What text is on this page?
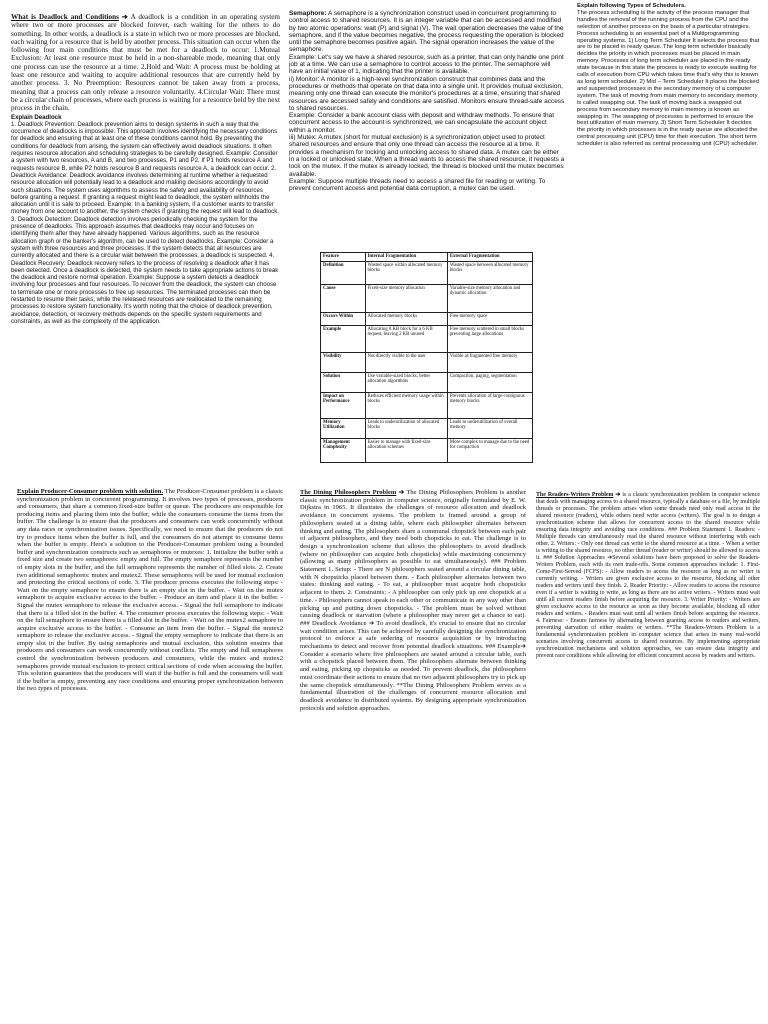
What is Deadlock and Conditions ➔ A deadlock is a condition in an operating system where two or more processes are blocked forever, each waiting for the others to do something. In other words, a deadlock is a state in which two or more processes are blocked, each waiting for a resource that is held by another process. This situation can occur when the following four main conditions that must be met for a deadlock to occur: 1.Mutual Exclusion: At least one resource must be held in a non-shareable mode, meaning that only one process can use the resource at a time. 2.Hold and Wait: A process must be holding at least one resource and waiting to acquire additional resources that are currently held by another process. 3. No Preemption: Resources cannot be taken away from a process, meaning that a process can only release a resource voluntarily. 4.Circular Wait: There must be a circular chain of processes, where each process is waiting for a resource held by the next process in the chain.

Explain Deadlock

1. Deadlock Prevention: Deadlock prevention aims to design systems in such a way that the occurrence of deadlocks is impossible. This approach involves identifying the necessary conditions for deadlock and ensuring that at least one of these conditions cannot hold. By preventing the conditions for deadlock from arising, the system can effectively avoid deadlock situations. It often requires resource allocation and scheduling strategies to be carefully designed. Example: Consider a system with two resources, A and B, and two processes, P1 and P2. If P1 holds resource A and requests resource B, while P2 holds resource B and requests resource A, a deadlock can occur. 2. Deadlock Avoidance: Deadlock avoidance involves determining at runtime whether a requested resource allocation will potentially lead to a deadlock and making decisions accordingly to avoid such situations. The system uses algorithms to assess the safety and availability of resources before granting a request. If granting a request might lead to deadlock, the system withholds the allocation until it is safe to proceed. Example: In a banking system, if a customer wants to transfer money from one account to another, the system checks if granting the request will lead to deadlock. 3. Deadlock Detection: Deadlock detection involves periodically checking the system for the presence of deadlocks. This approach assumes that deadlocks may occur and focuses on identifying them after they have already happened. Various algorithms, such as the resource allocation graph or the banker's algorithm, can be used to detect deadlocks. Example: Consider a system with three resources and three processes. If the system detects that all resources are currently allocated and there is a circular wait between the processes, a deadlock is suspected. 4. Deadlock Recovery: Deadlock recovery refers to the process of resolving a deadlock after it has been detected. Once a deadlock is detected, the system needs to take appropriate actions to break the deadlock and restore normal operation. Example: Suppose a system detects a deadlock involving four processes and four resources. To recover from the deadlock, the system can choose to terminate one or more processes to free up resources. The terminated processes can then be restarted to resume their tasks, while the released resources are reallocated to the remaining processes to restore system functionality. It's worth noting that the choice of deadlock prevention, avoidance, detection, or recovery methods depends on the specific system requirements and constraints, as well as the complexity of the application.

Semaphore: A semaphore is a synchronization construct used in concurrent programming to control access to shared resources. It is an integer variable that can be accessed and modified by two atomic operations: wait (P) and signal (V). The wait operation decreases the value of the semaphore, and if the value becomes negative, the process requesting the operation is blocked until the semaphore becomes positive again. The signal operation increases the value of the semaphore.

Example: Let's say we have a shared resource, such as a printer, that can only handle one print job at a time. We can use a semaphore to control access to the printer. The semaphore will have an initial value of 1, indicating that the printer is available.

ii) Monitor: A monitor is a high-level synchronization construct that combines data and the procedures or methods that operate on that data into a single unit. It provides mutual exclusion, meaning only one thread can execute the monitor's procedures at a time, ensuring that shared resources are accessed safely and conditions are satisfied. Monitors ensure thread-safe access to shared resources.

Example: Consider a bank account class with deposit and withdraw methods. To ensure that concurrent access to the account is synchronized, we can encapsulate the account object within a monitor.

iii) Mutex: A mutex (short for mutual exclusion) is a synchronization object used to protect shared resources and ensure that only one thread can access the resource at a time. It provides a mechanism for locking and unlocking access to shared data. A mutex can be either in a locked or unlocked state. When a thread wants to access the shared resource, it requests a lock on the mutex. If the mutex is already locked, the thread is blocked until the mutex becomes available.

Example: Suppose multiple threads need to access a shared file for reading or writing. To prevent concurrent access and potential data corruption, a mutex can be used.

Feature	Internal Fragmentation	External Fragmentation
Definition	Wasted space within allocated memory blocks	Wasted space between allocated memory blocks
Cause	Fixed-size memory allocation	Variable-size memory allocation and dynamic allocation
Occurs Within	Allocated memory blocks	Free memory space
Example	Allocating 8 KB block for a 6 KB request, leaving 2 KB unused	Free memory scattered in small blocks preventing large allocations
Visibility	Not directly visible to the user	Visible as fragmented free memory
Solution	Use variable-sized blocks, better allocation algorithms	Compaction, paging, segmentation
Impact on Performance	Reduces efficient memory usage within blocks	Prevents allocation of large contiguous memory blocks
Memory Utilization	Leads to underutilization of allocated blocks	Leads to underutilization of overall memory
Management Complexity	Easier to manage with fixed-size allocation schemes	More complex to manage due to the need for compaction

Explain following Types of Schedulers.

The process scheduling is the activity of the process manager that handles the removal of the running process from the CPU and the selection of another process on the basis of a particular strategies. Process scheduling is an essential part of a Multiprogramming operating systems. 1) Long Term Scheduler It selects the process that are to be placed in ready queue. The long term scheduler basically decides the priority in which processes must be placed in main memory. Processes of long term scheduler are placed in the ready state because in this state the process is ready to execute waiting for calls of execution from CPU which takes time that's why this is known as long term scheduler. 2) Mid – Term Scheduler It places the blocked and suspended processes in the secondary memory of a computer system. The task of moving from main memory to secondary memory is called swapping out. The task of moving back a swapped out process from secondary memory to main memory is known as swapping in. The swapping of processes is performed to ensure the best utilization of main memory. 3) Short Term Scheduler It decides the priority in which processes is in the ready queue are allocated the central processing unit (CPU) time for their execution. The short term scheduler is also referred as central processing unit (CPU) scheduler.

Explain Producer-Consumer problem with solution. The Producer-Consumer problem is a classic synchronization problem in concurrent programming. It involves two types of processes, producers and consumers, that share a common fixed-size buffer or queue. The producers are responsible for producing items and placing them into the buffer, while the consumers consume the items from the buffer. The challenge is to ensure that the producers and consumers can work concurrently without any data races or synchronization issues. Specifically, we need to ensure that the producers do not try to produce items when the buffer is full, and the consumers do not attempt to consume items when the buffer is empty. Here's a solution to the Producer-Consumer problem using a bounded buffer and synchronization constructs such as semaphores or mutexes: 1. Initialize the buffer with a fixed size and create two semaphores: empty and full. The empty semaphore represents the number of empty slots in the buffer, and the full semaphore represents the number of filled slots. 2. Create two additional semaphores: mutex and mutex2. These semaphores will be used for mutual exclusion and protecting the critical sections of code. 3. The producer process executes the following steps: - Wait on the empty semaphore to ensure there is an empty slot in the buffer. - Wait on the mutex semaphore to acquire exclusive access to the buffer. - Produce an item and place it in the buffer. - Signal the mutex semaphore to release the exclusive access. - Signal the full semaphore to indicate that there is a filled slot in the buffer. 4. The consumer process executes the following steps: - Wait on the full semaphore to ensure there is a filled slot in the buffer. - Wait on the mutex2 semaphore to acquire exclusive access to the buffer. - Consume an item from the buffer. - Signal the mutex2 semaphore to release the exclusive access. - Signal the empty semaphore to indicate that there is an empty slot in the buffer. By using semaphores and mutual exclusion, this solution ensures that producers and consumers can work concurrently without conflicts. The empty and full semaphores control the synchronization between producers and consumers, while the mutex and mutex2 semaphores provide mutual exclusion to protect critical sections of code when accessing the buffer. This solution guarantees that the producers will wait if the buffer is full and the consumers will wait if the buffer is empty, preventing any race conditions and ensuring proper synchronization between the two types of processes.

The Dining Philosophers Problem ➔ The Dining Philosophers Problem is another classic synchronization problem in computer science, originally formulated by E. W. Dijkstra in 1965. It illustrates the challenges of resource allocation and deadlock avoidance in concurrent systems. The problem is framed around a group of philosophers seated at a dining table, where each philosopher alternates between thinking and eating. The philosophers share a communal chopstick between each pair of adjacent philosophers, and they need both chopsticks to eat. The challenge is to design a synchronization scheme that allows the philosophers to avoid deadlock (where no philosopher can acquire both chopsticks) while maximizing concurrency (allowing as many philosophers as possible to eat simultaneously). ### Problem Statement 1. Setup: - There are N philosophers seated around a circular dining table, with N chopsticks placed between them. - Each philosopher alternates between two states: thinking and eating. - To eat, a philosopher must acquire both chopsticks adjacent to them. 2. Constraints: - A philosopher can only pick up one chopstick at a time. - Philosophers cannot speak to each other or communicate in any way other than picking up and putting down chopsticks. - The problem must be solved without causing deadlock or starvation (where a philosopher may never get a chance to eat). ### Deadlock Avoidance ➔ To avoid deadlock, it's crucial to ensure that no circular wait condition arises. This can be achieved by carefully designing the synchronization protocol to enforce a safe ordering of resource acquisition or by introducing mechanisms to detect and recover from potential deadlock situations. ### Example➔ Consider a scenario where five philosophers are seated around a circular table, each with a chopstick placed between them. The philosophers alternate between thinking and eating, picking up chopsticks as needed. To prevent deadlock, the philosophers must coordinate their actions to ensure that no two adjacent philosophers try to pick up the same chopstick simultaneously. **The Dining Philosophers Problem serves as a fundamental illustration of the challenges of concurrent resource allocation and deadlock avoidance in distributed systems. By designing appropriate synchronization protocols and solution approaches.

The Readers-Writers Problem ➔ is a classic synchronization problem in computer science that deals with managing access to a shared resource, typically a database or a file, by multiple threads or processes. The problem arises when some threads need only read access to the shared resource (readers), while others need write access (writers). The goal is to design a synchronization scheme that allows for concurrent access to the shared resource while ensuring data integrity and avoiding race conditions. ### Problem Statement 1. Readers: - Multiple threads can simultaneously read the shared resource without interfering with each other. 2. Writers: - Only one thread can write to the shared resource at a time. - When a writer is writing to the shared resource, no other thread (reader or writer) should be allowed to access it. ### Solution Approaches ➔Several solutions have been proposed to solve the Readers-Writers Problem, each with its own trade-offs. Some common approaches include: 1. First-Come-First-Served (FCFS): - Allow readers to access the resource as long as no writer is currently writing. - Writers are given exclusive access to the resource, blocking all other readers and writers until they finish. 2. Reader Priority: - Allow readers to access the resource even if a writer is waiting to write, as long as there are no active writers. - Writers must wait until all current readers finish before acquiring the resource. 3. Writer Priority: - Writers are given exclusive access to the resource as soon as they become available, blocking all other readers and writers. - Readers must wait until all writers finish before acquiring the resource. 4. Fairness: - Ensure fairness by alternating between granting access to readers and writers, preventing starvation of either readers or writers. **The Readers-Writers Problem is a fundamental synchronization problem in computer science that arises in many real-world scenarios involving concurrent access to shared resources. By implementing appropriate synchronization mechanisms and solution approaches, we can ensure data integrity and prevent race conditions while allowing for efficient concurrent access by readers and writers.
